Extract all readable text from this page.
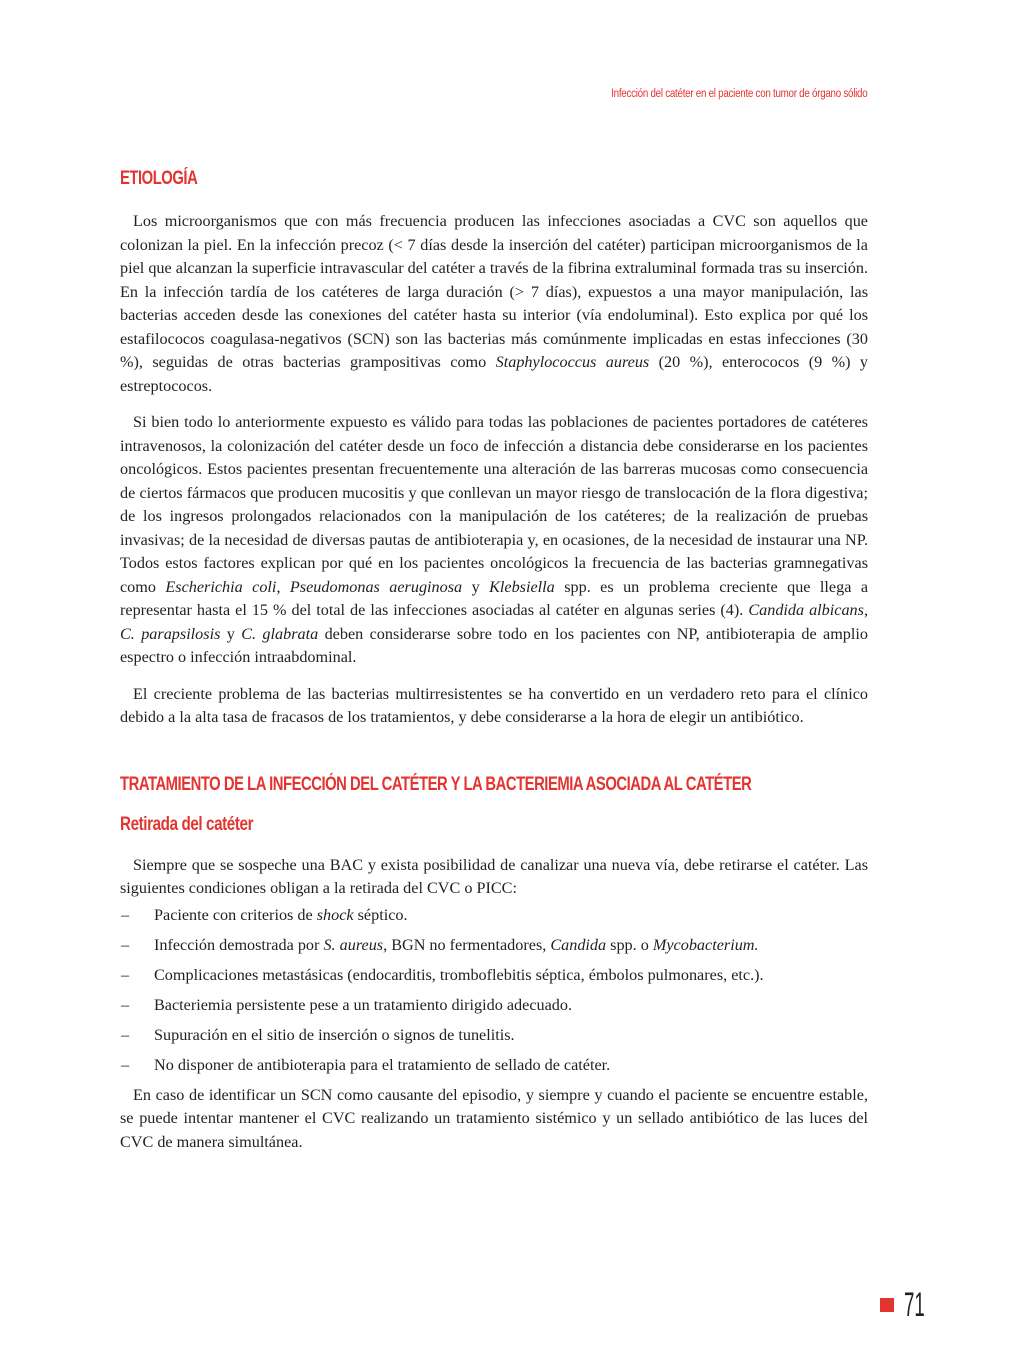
Infección del catéter en el paciente con tumor de órgano sólido
ETIOLOGÍA

Los microorganismos que con más frecuencia producen las infecciones asociadas a CVC son aquellos que colonizan la piel. En la infección precoz (< 7 días desde la inserción del catéter) participan microorganismos de la piel que alcanzan la superficie intravascular del catéter a través de la fibrina extraluminal formada tras su inserción. En la infección tardía de los catéteres de larga duración (> 7 días), expuestos a una mayor manipulación, las bacterias acceden desde las conexiones del catéter hasta su interior (vía endoluminal). Esto explica por qué los estafilococos coagulasa-negativos (SCN) son las bacterias más comúnmente implicadas en estas infecciones (30 %), seguidas de otras bacterias grampositivas como Staphylococcus aureus (20 %), enterococos (9 %) y estreptococos.

Si bien todo lo anteriormente expuesto es válido para todas las poblaciones de pacientes portadores de catéteres intravenosos, la colonización del catéter desde un foco de infección a distancia debe considerarse en los pacientes oncológicos. Estos pacientes presentan frecuentemente una alteración de las barreras mucosas como consecuencia de ciertos fármacos que producen mucositis y que conllevan un mayor riesgo de translocación de la flora digestiva; de los ingresos prolongados relacionados con la manipulación de los catéteres; de la realización de pruebas invasivas; de la necesidad de diversas pautas de antibioterapia y, en ocasiones, de la necesidad de instaurar una NP. Todos estos factores explican por qué en los pacientes oncológicos la frecuencia de las bacterias gramnegativas como Escherichia coli, Pseudomonas aeruginosa y Klebsiella spp. es un problema creciente que llega a representar hasta el 15 % del total de las infecciones asociadas al catéter en algunas series (4). Candida albicans, C. parapsilosis y C. glabrata deben considerarse sobre todo en los pacientes con NP, antibioterapia de amplio espectro o infección intraabdominal.

El creciente problema de las bacterias multirresistentes se ha convertido en un verdadero reto para el clínico debido a la alta tasa de fracasos de los tratamientos, y debe considerarse a la hora de elegir un antibiótico.

TRATAMIENTO DE LA INFECCIÓN DEL CATÉTER Y LA BACTERIEMIA ASOCIADA AL CATÉTER
Retirada del catéter

Siempre que se sospeche una BAC y exista posibilidad de canalizar una nueva vía, debe retirarse el catéter. Las siguientes condiciones obligan a la retirada del CVC o PICC:

–	Paciente con criterios de shock séptico.
–	Infección demostrada por S. aureus, BGN no fermentadores, Candida spp. o Mycobacterium.
–	Complicaciones metastásicas (endocarditis, tromboflebitis séptica, émbolos pulmonares, etc.).
–	Bacteriemia persistente pese a un tratamiento dirigido adecuado.
–	Supuración en el sitio de inserción o signos de tunelitis.
–	No disponer de antibioterapia para el tratamiento de sellado de catéter.

En caso de identificar un SCN como causante del episodio, y siempre y cuando el paciente se encuentre estable, se puede intentar mantener el CVC realizando un tratamiento sistémico y un sellado antibiótico de las luces del CVC de manera simultánea.

71
